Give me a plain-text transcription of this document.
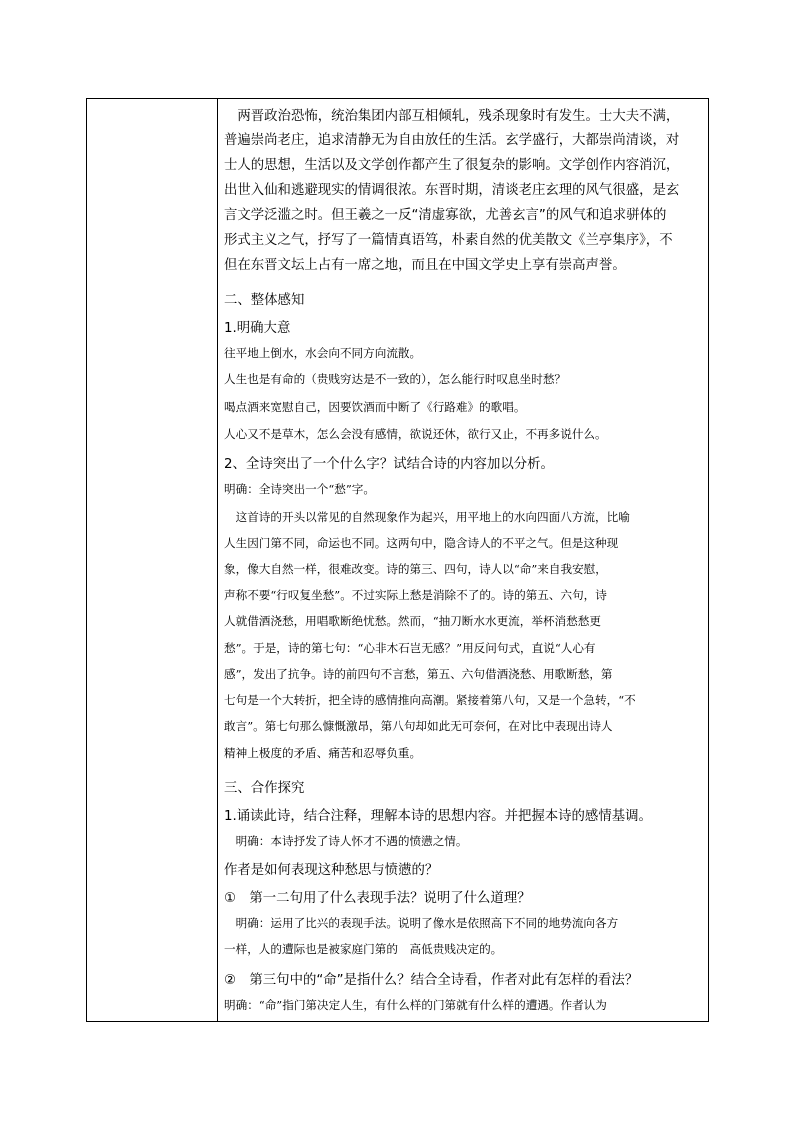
　两晋政治恐怖，统治集团内部互相倾轧，残杀现象时有发生。士大夫不满，
普遍崇尚老庄，追求清静无为自由放任的生活。玄学盛行，大都崇尚清谈，对
士人的思想，生活以及文学创作都产生了很复杂的影响。文学创作内容消沉，
出世入仙和逃避现实的情调很浓。东晋时期，清谈老庄玄理的风气很盛，是玄
言文学泛滥之时。但王羲之一反“清虚寡欲，尤善玄言”的风气和追求骈体的
形式主义之气，抒写了一篇情真语笃，朴素自然的优美散文《兰亭集序》，不
但在东晋文坛上占有一席之地，而且在中国文学史上享有崇高声誉。
二、整体感知
1.明确大意
往平地上倒水，水会向不同方向流散。
人生也是有命的（贵贱穷达是不一致的），怎么能行时叹息坐时愁？
喝点酒来宽慰自己，因要饮酒而中断了《行路难》的歌唱。
人心又不是草木，怎么会没有感情，欲说还休，欲行又止，不再多说什么。
2、全诗突出了一个什么字？试结合诗的内容加以分析。
明确：全诗突出一个“愁”字。
　这首诗的开头以常见的自然现象作为起兴，用平地上的水向四面八方流，比喻
人生因门第不同，命运也不同。这两句中，隐含诗人的不平之气。但是这种现
象，像大自然一样，很难改变。诗的第三、四句，诗人以“命”来自我安慰，
声称不要“行叹复坐愁”。不过实际上愁是消除不了的。诗的第五、六句，诗
人就借酒浇愁，用唱歌断绝忧愁。然而，“抽刀断水水更流，举杯消愁愁更
愁”。于是，诗的第七句：“心非木石岂无感？”用反问句式，直说“人心有
感”，发出了抗争。诗的前四句不言愁，第五、六句借酒浇愁、用歌断愁，第
七句是一个大转折，把全诗的感情推向高潮。紧接着第八句，又是一个急转，“不
敢言”。第七句那么慷慨激昂，第八句却如此无可奈何，在对比中表现出诗人
精神上极度的矛盾、痛苦和忍辱负重。
三、合作探究
1.诵读此诗，结合注释，理解本诗的思想内容。并把握本诗的感情基调。
　明确：本诗抒发了诗人怀才不遇的愤懑之情。
作者是如何表现这种愁思与愤懑的？
①　第一二句用了什么表现手法？说明了什么道理？
　明确：运用了比兴的表现手法。说明了像水是依照高下不同的地势流向各方
一样，人的遭际也是被家庭门第的　高低贵贱决定的。
②　第三句中的“命”是指什么？结合全诗看，作者对此有怎样的看法？
明确：“命”指门第决定人生，有什么样的门第就有什么样的遭遇。作者认为
